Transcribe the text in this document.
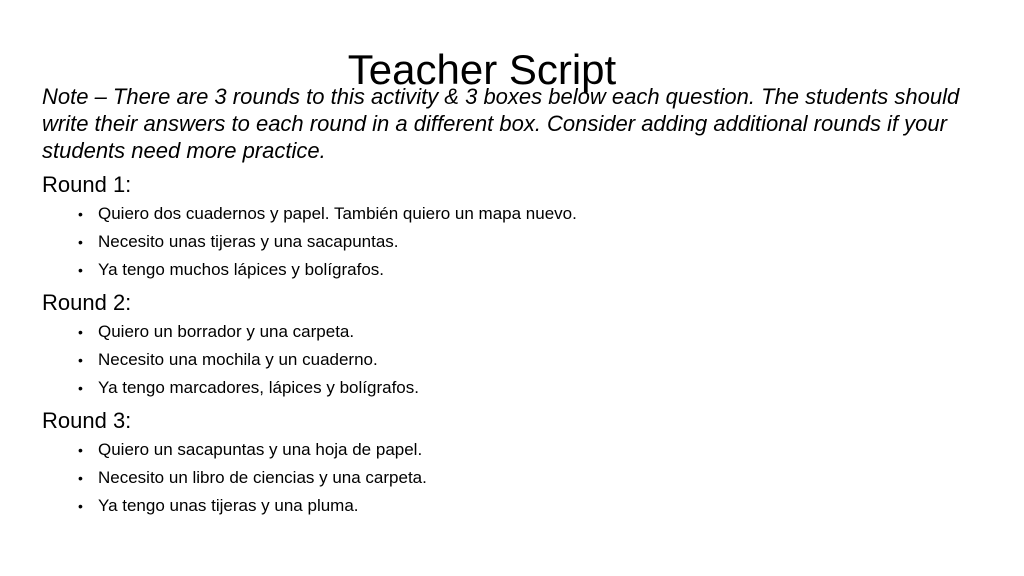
Teacher Script

Note – There are 3 rounds to this activity & 3 boxes below each question. The students should write their answers to each round in a different box. Consider adding additional rounds if your students need more practice.

Round 1:

• Quiero dos cuadernos y papel. También quiero un mapa nuevo.
• Necesito unas tijeras y una sacapuntas.
• Ya tengo muchos lápices y bolígrafos.

Round 2:

• Quiero un borrador y una carpeta.
• Necesito una mochila y un cuaderno.
• Ya tengo marcadores, lápices y bolígrafos.

Round 3:

• Quiero un sacapuntas y una hoja de papel.
• Necesito un libro de ciencias y una carpeta.
• Ya tengo unas tijeras y una pluma.
